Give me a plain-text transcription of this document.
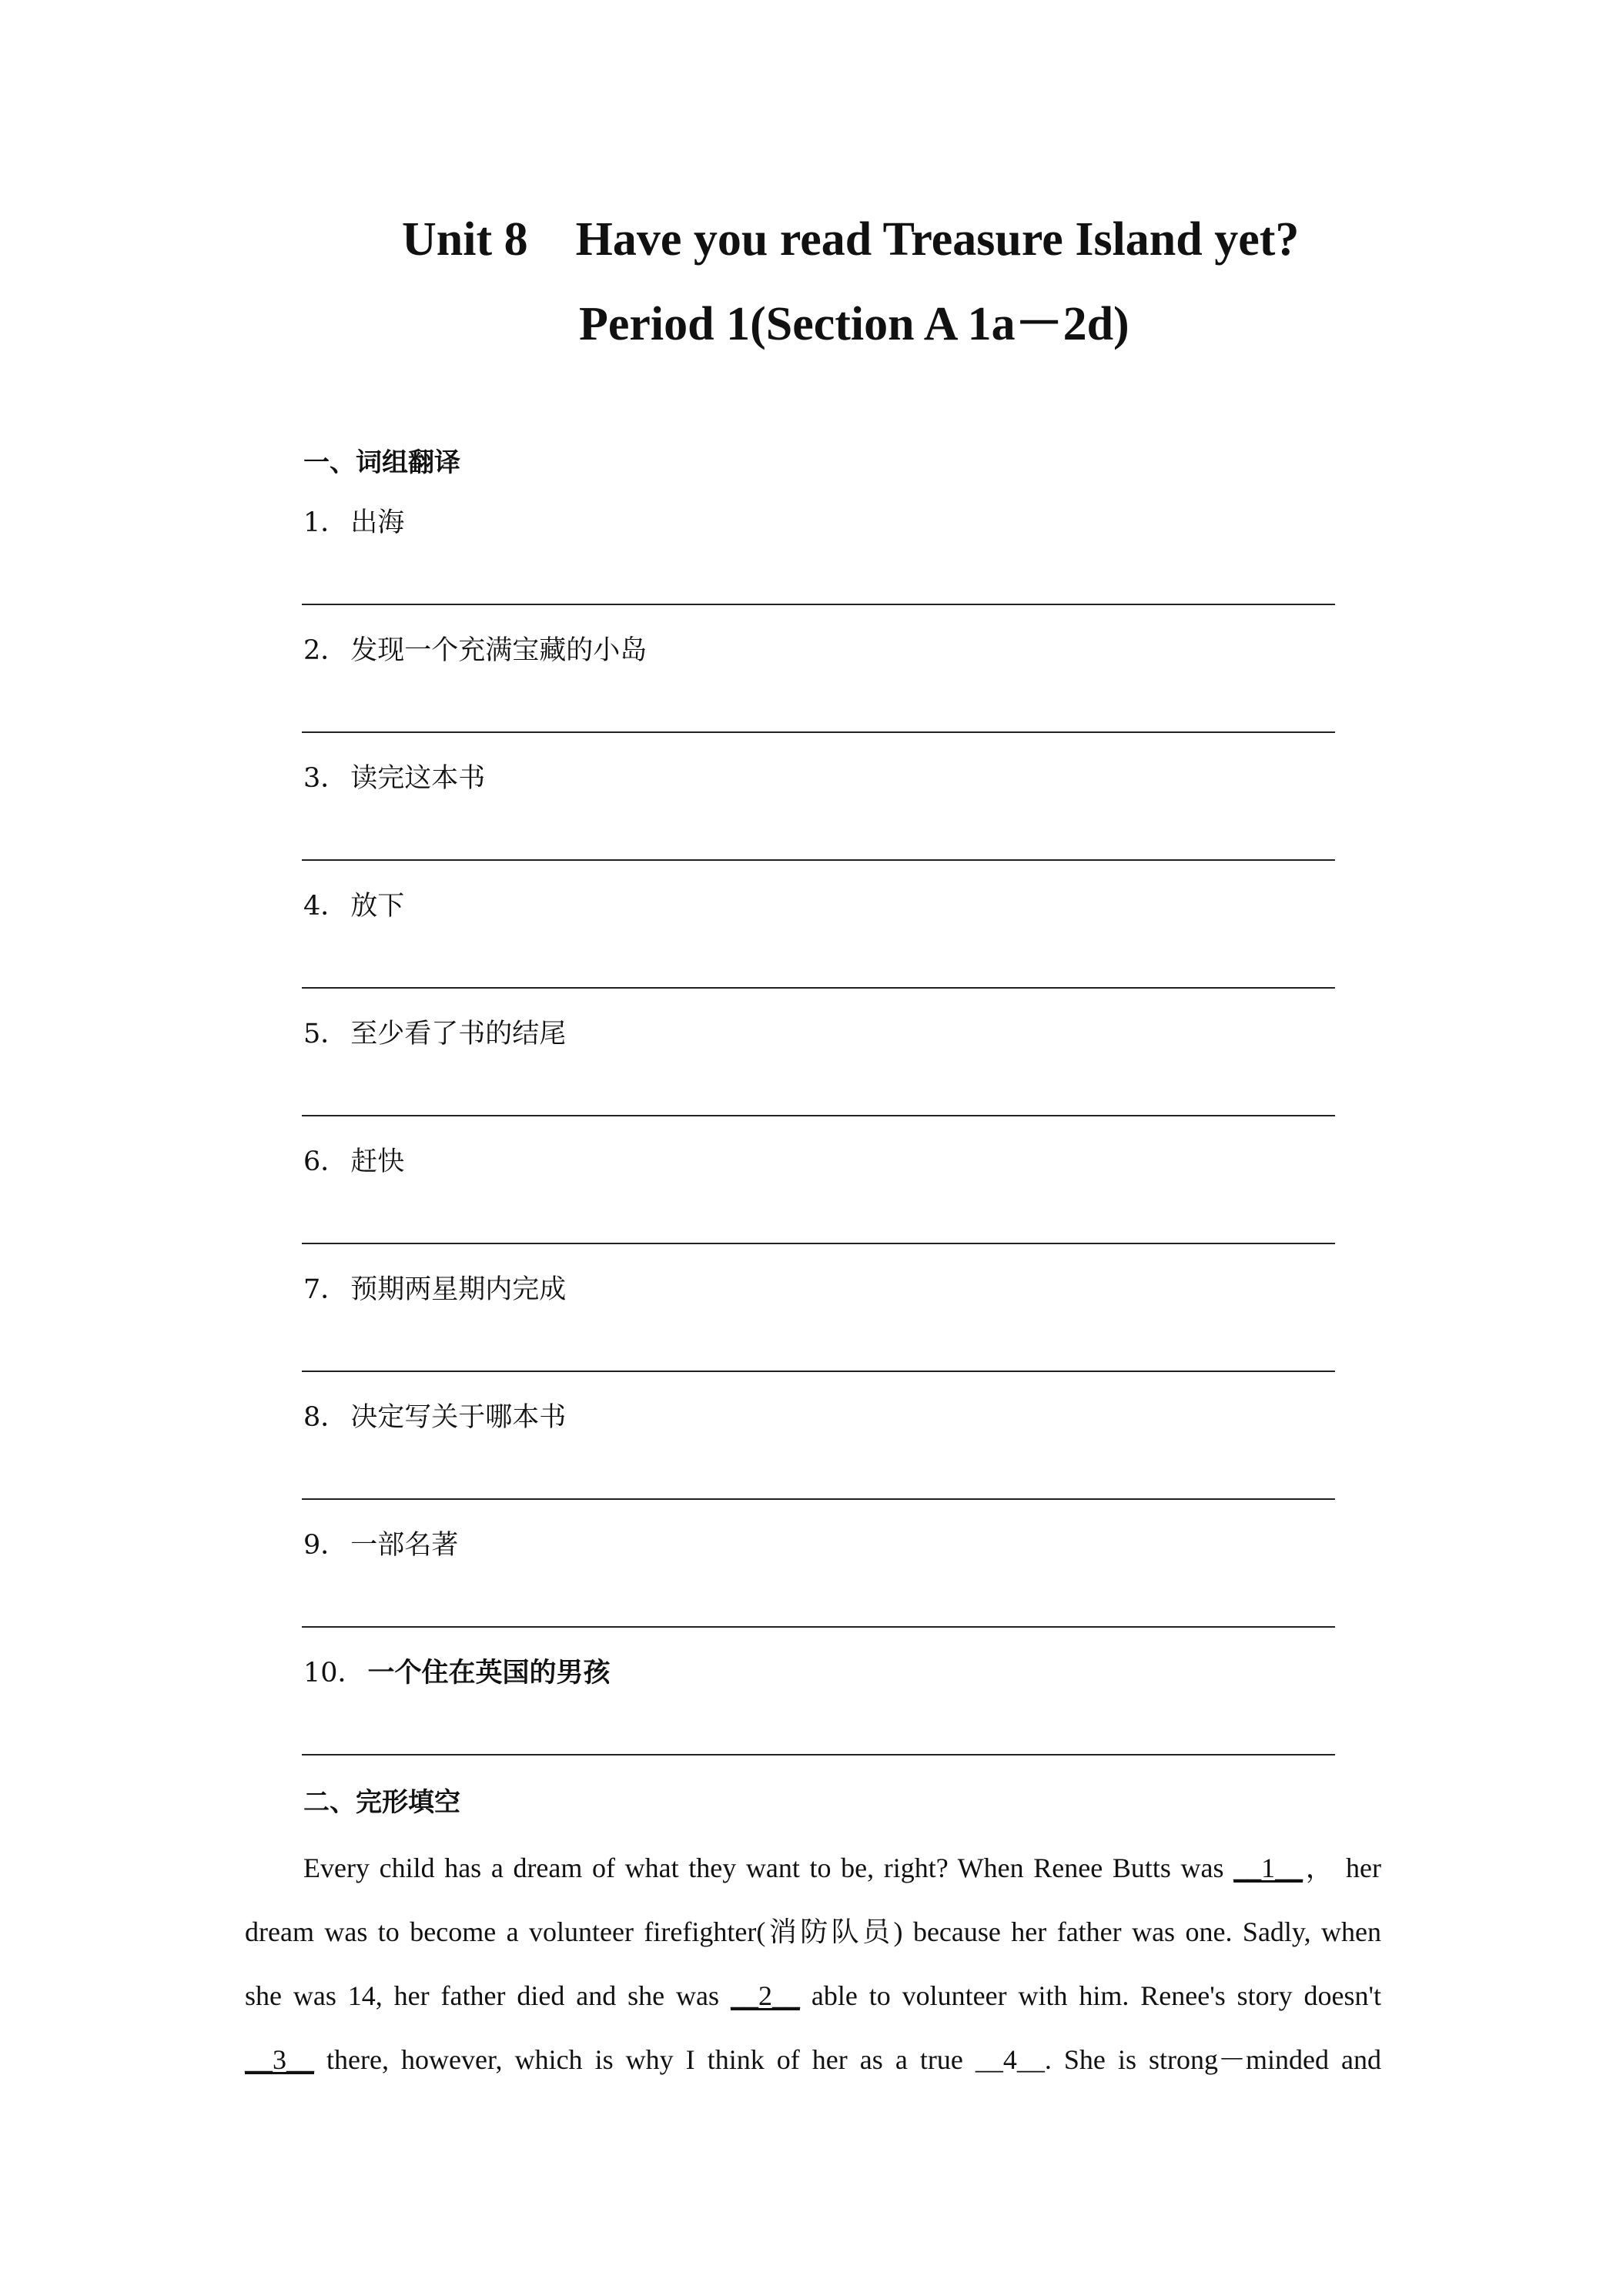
Unit 8    Have you read Treasure Island yet?
Period 1(Section A 1a－2d)
一、词组翻译
1． 出海
2． 发现一个充满宝藏的小岛
3． 读完这本书
4． 放下
5． 至少看了书的结尾
6． 赶快
7． 预期两星期内完成
8． 决定写关于哪本书
9． 一部名著
10． 一个住在英国的男孩
二、完形填空
Every child has a dream of what they want to be, right? When Renee Butts was __1__， her
dream was to become a volunteer firefighter(消防队员) because her father was one. Sadly, when
she was 14, her father died and she was __2__ able to volunteer with him. Renee's story doesn't
__3__ there, however, which is why I think of her as a true __4__. She is strong－minded and
